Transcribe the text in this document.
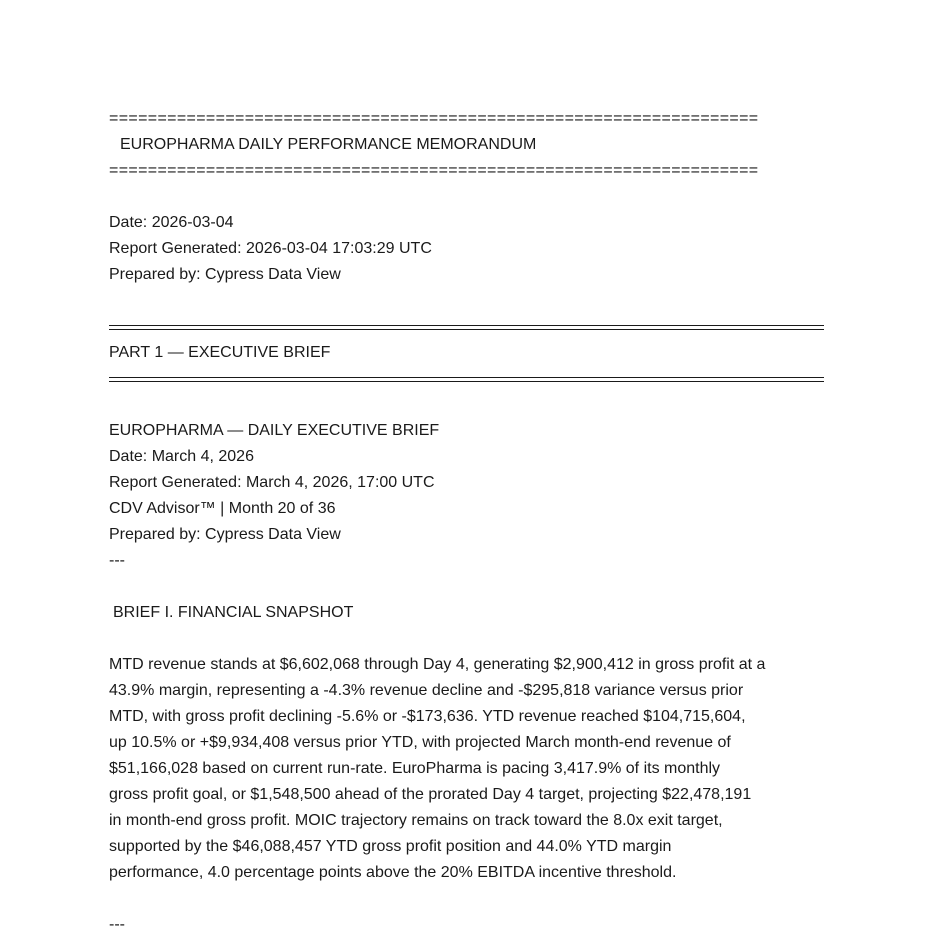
===================================================================
EUROPHARMA DAILY PERFORMANCE MEMORANDUM
===================================================================
Date: 2026-03-04
Report Generated: 2026-03-04 17:03:29 UTC
Prepared by: Cypress Data View
PART 1 — EXECUTIVE BRIEF
EUROPHARMA — DAILY EXECUTIVE BRIEF
Date: March 4, 2026
Report Generated: March 4, 2026, 17:00 UTC
CDV Advisor™ | Month 20 of 36
Prepared by: Cypress Data View
---
BRIEF I. FINANCIAL SNAPSHOT
MTD revenue stands at $6,602,068 through Day 4, generating $2,900,412 in gross profit at a
43.9% margin, representing a -4.3% revenue decline and -$295,818 variance versus prior
MTD, with gross profit declining -5.6% or -$173,636. YTD revenue reached $104,715,604,
up 10.5% or +$9,934,408 versus prior YTD, with projected March month-end revenue of
$51,166,028 based on current run-rate. EuroPharma is pacing 3,417.9% of its monthly
gross profit goal, or $1,548,500 ahead of the prorated Day 4 target, projecting $22,478,191
in month-end gross profit. MOIC trajectory remains on track toward the 8.0x exit target,
supported by the $46,088,457 YTD gross profit position and 44.0% YTD margin
performance, 4.0 percentage points above the 20% EBITDA incentive threshold.
---
